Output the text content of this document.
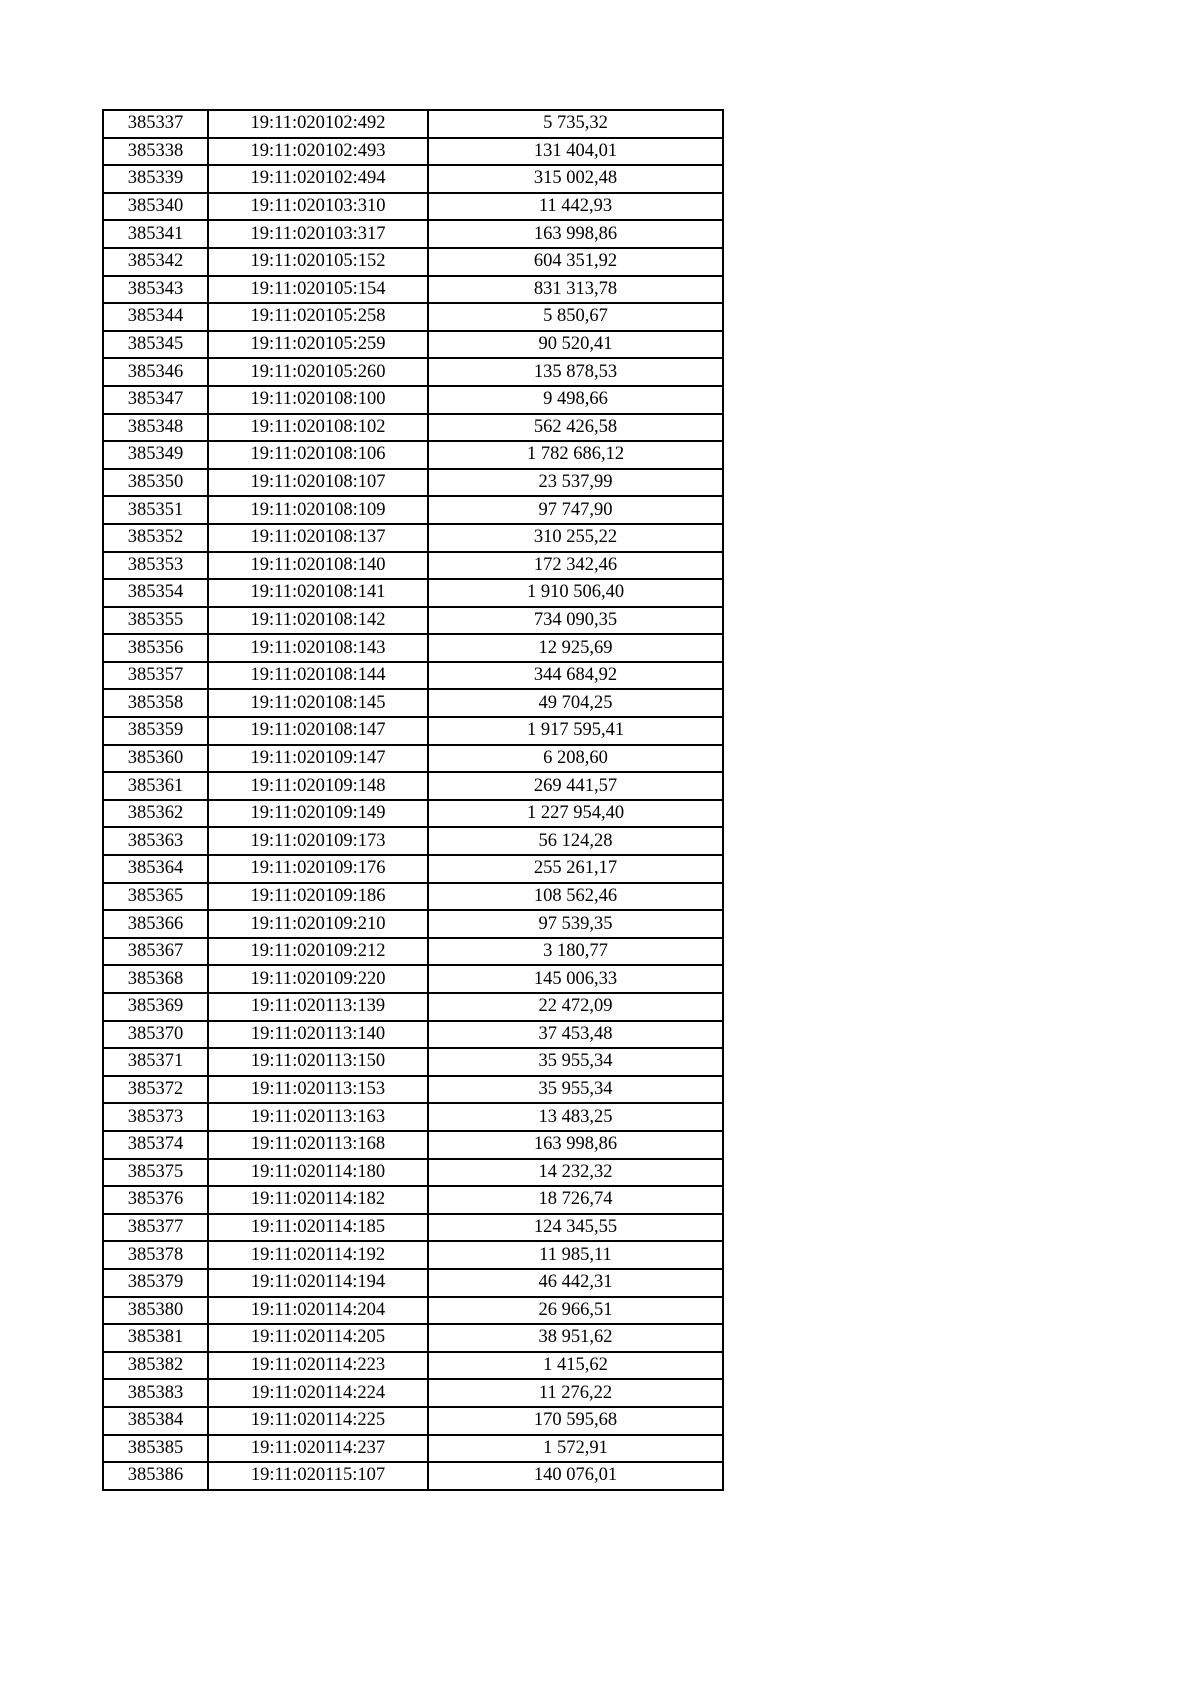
385337	19:11:020102:492	5 735,32
385338	19:11:020102:493	131 404,01
385339	19:11:020102:494	315 002,48
385340	19:11:020103:310	11 442,93
385341	19:11:020103:317	163 998,86
385342	19:11:020105:152	604 351,92
385343	19:11:020105:154	831 313,78
385344	19:11:020105:258	5 850,67
385345	19:11:020105:259	90 520,41
385346	19:11:020105:260	135 878,53
385347	19:11:020108:100	9 498,66
385348	19:11:020108:102	562 426,58
385349	19:11:020108:106	1 782 686,12
385350	19:11:020108:107	23 537,99
385351	19:11:020108:109	97 747,90
385352	19:11:020108:137	310 255,22
385353	19:11:020108:140	172 342,46
385354	19:11:020108:141	1 910 506,40
385355	19:11:020108:142	734 090,35
385356	19:11:020108:143	12 925,69
385357	19:11:020108:144	344 684,92
385358	19:11:020108:145	49 704,25
385359	19:11:020108:147	1 917 595,41
385360	19:11:020109:147	6 208,60
385361	19:11:020109:148	269 441,57
385362	19:11:020109:149	1 227 954,40
385363	19:11:020109:173	56 124,28
385364	19:11:020109:176	255 261,17
385365	19:11:020109:186	108 562,46
385366	19:11:020109:210	97 539,35
385367	19:11:020109:212	3 180,77
385368	19:11:020109:220	145 006,33
385369	19:11:020113:139	22 472,09
385370	19:11:020113:140	37 453,48
385371	19:11:020113:150	35 955,34
385372	19:11:020113:153	35 955,34
385373	19:11:020113:163	13 483,25
385374	19:11:020113:168	163 998,86
385375	19:11:020114:180	14 232,32
385376	19:11:020114:182	18 726,74
385377	19:11:020114:185	124 345,55
385378	19:11:020114:192	11 985,11
385379	19:11:020114:194	46 442,31
385380	19:11:020114:204	26 966,51
385381	19:11:020114:205	38 951,62
385382	19:11:020114:223	1 415,62
385383	19:11:020114:224	11 276,22
385384	19:11:020114:225	170 595,68
385385	19:11:020114:237	1 572,91
385386	19:11:020115:107	140 076,01
